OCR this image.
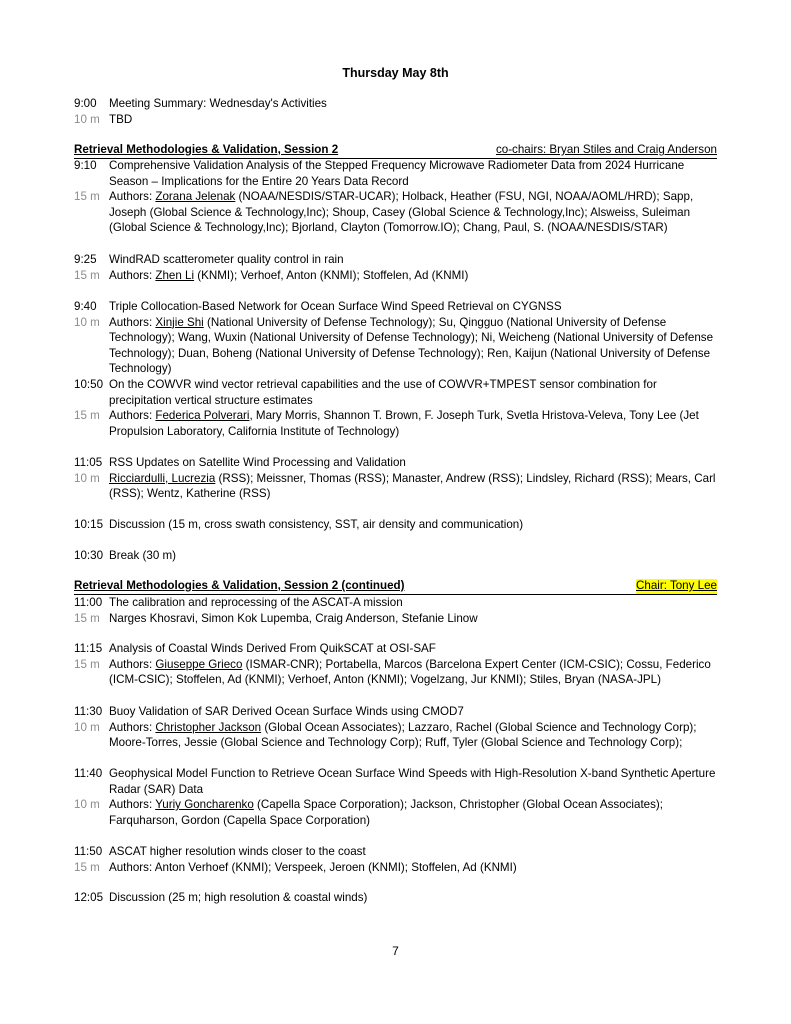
Thursday May 8th
9:00	Meeting Summary: Wednesday's Activities
10 m TBD
Retrieval Methodologies & Validation, Session 2	co-chairs: Bryan Stiles and Craig Anderson
9:10	Comprehensive Validation Analysis of the Stepped Frequency Microwave Radiometer Data from 2024 Hurricane Season – Implications for the Entire 20 Years Data Record
15 m Authors: Zorana Jelenak (NOAA/NESDIS/STAR-UCAR); Holback, Heather (FSU, NGI, NOAA/AOML/HRD); Sapp, Joseph (Global Science & Technology,Inc); Shoup, Casey (Global Science & Technology,Inc); Alsweiss, Suleiman (Global Science & Technology,Inc); Bjorland, Clayton (Tomorrow.IO); Chang, Paul, S. (NOAA/NESDIS/STAR)
9:25	WindRAD scatterometer quality control in rain
15 m Authors: Zhen Li (KNMI); Verhoef, Anton (KNMI); Stoffelen, Ad (KNMI)
9:40	Triple Collocation-Based Network for Ocean Surface Wind Speed Retrieval on CYGNSS
10 m Authors: Xinjie Shi (National University of Defense Technology); Su, Qingguo (National University of Defense Technology); Wang, Wuxin (National University of Defense Technology); Ni, Weicheng (National University of Defense Technology); Duan, Boheng (National University of Defense Technology); Ren, Kaijun (National University of Defense Technology)
10:50 On the COWVR wind vector retrieval capabilities and the use of COWVR+TMPEST sensor combination for precipitation vertical structure estimates
15 m Authors: Federica Polverari, Mary Morris, Shannon T. Brown, F. Joseph Turk, Svetla Hristova-Veleva, Tony Lee (Jet Propulsion Laboratory, California Institute of Technology)
11:05 RSS Updates on Satellite Wind Processing and Validation
10 m Ricciardulli, Lucrezia (RSS); Meissner, Thomas (RSS); Manaster, Andrew (RSS); Lindsley, Richard (RSS); Mears, Carl (RSS); Wentz, Katherine (RSS)
10:15 Discussion (15 m, cross swath consistency, SST, air density and communication)
10:30 Break (30 m)
Retrieval Methodologies & Validation, Session 2 (continued)	Chair: Tony Lee
11:00 The calibration and reprocessing of the ASCAT-A mission
15 m Narges Khosravi, Simon Kok Lupemba, Craig Anderson, Stefanie Linow
11:15 Analysis of Coastal Winds Derived From QuikSCAT at OSI-SAF
15 m Authors: Giuseppe Grieco (ISMAR-CNR); Portabella, Marcos (Barcelona Expert Center (ICM-CSIC); Cossu, Federico (ICM-CSIC); Stoffelen, Ad (KNMI); Verhoef, Anton (KNMI); Vogelzang, Jur KNMI); Stiles, Bryan (NASA-JPL)
11:30 Buoy Validation of SAR Derived Ocean Surface Winds using CMOD7
10 m Authors: Christopher Jackson (Global Ocean Associates); Lazzaro, Rachel (Global Science and Technology Corp); Moore-Torres, Jessie (Global Science and Technology Corp); Ruff, Tyler (Global Science and Technology Corp);
11:40 Geophysical Model Function to Retrieve Ocean Surface Wind Speeds with High-Resolution X-band Synthetic Aperture Radar (SAR) Data
10 m Authors: Yuriy Goncharenko (Capella Space Corporation); Jackson, Christopher (Global Ocean Associates); Farquharson, Gordon (Capella Space Corporation)
11:50 ASCAT higher resolution winds closer to the coast
15 m Authors: Anton Verhoef (KNMI); Verspeek, Jeroen (KNMI); Stoffelen, Ad (KNMI)
12:05 Discussion (25 m; high resolution & coastal winds)
7
